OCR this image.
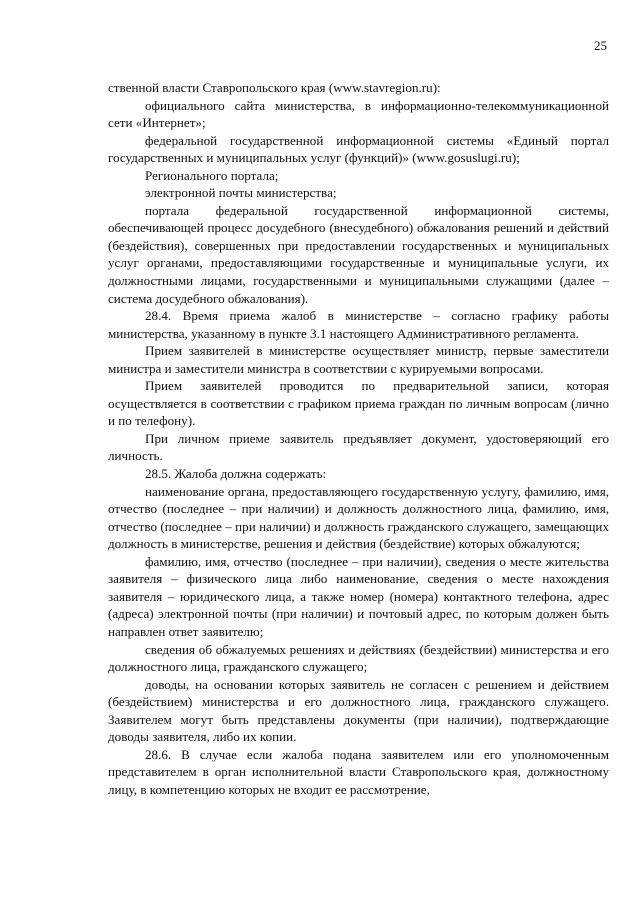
25

ственной власти Ставропольского края (www.stavregion.ru):

официального сайта министерства, в информационно-телекоммуникационной сети «Интернет»;

федеральной государственной информационной системы «Единый портал государственных и муниципальных услуг (функций)» (www.gosuslugi.ru);

Регионального портала;

электронной почты министерства;

портала федеральной государственной информационной системы, обеспечивающей процесс досудебного (внесудебного) обжалования решений и действий (бездействия), совершенных при предоставлении государственных и муниципальных услуг органами, предоставляющими государственные и муниципальные услуги, их должностными лицами, государственными и муниципальными служащими (далее – система досудебного обжалования).

28.4. Время приема жалоб в министерстве – согласно графику работы министерства, указанному в пункте 3.1 настоящего Административного регламента.

Прием заявителей в министерстве осуществляет министр, первые заместители министра и заместители министра в соответствии с курируемыми вопросами.

Прием заявителей проводится по предварительной записи, которая осуществляется в соответствии с графиком приема граждан по личным вопросам (лично и по телефону).

При личном приеме заявитель предъявляет документ, удостоверяющий его личность.

28.5. Жалоба должна содержать:

наименование органа, предоставляющего государственную услугу, фамилию, имя, отчество (последнее – при наличии) и должность должностного лица, фамилию, имя, отчество (последнее – при наличии) и должность гражданского служащего, замещающих должность в министерстве, решения и действия (бездействие) которых обжалуются;

фамилию, имя, отчество (последнее – при наличии), сведения о месте жительства заявителя – физического лица либо наименование, сведения о месте нахождения заявителя – юридического лица, а также номер (номера) контактного телефона, адрес (адреса) электронной почты (при наличии) и почтовый адрес, по которым должен быть направлен ответ заявителю;

сведения об обжалуемых решениях и действиях (бездействии) министерства и его должностного лица, гражданского служащего;

доводы, на основании которых заявитель не согласен с решением и действием (бездействием) министерства и его должностного лица, гражданского служащего. Заявителем могут быть представлены документы (при наличии), подтверждающие доводы заявителя, либо их копии.

28.6. В случае если жалоба подана заявителем или его уполномоченным представителем в орган исполнительной власти Ставропольского края, должностному лицу, в компетенцию которых не входит ее рассмотрение,
